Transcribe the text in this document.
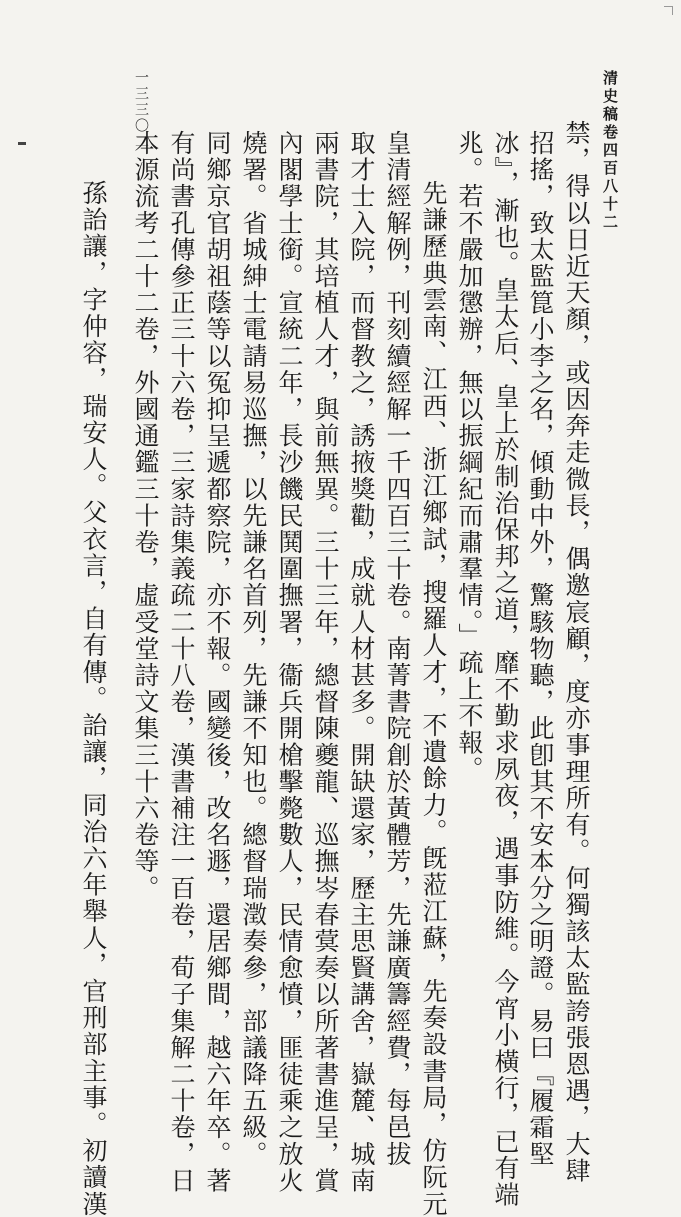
清史稿卷四百八十二
一三三〇二
禁，得以日近天顏，或因奔走微長，偶邀宸顧，度亦事理所有。何獨該太監誇張恩遇，大肆
招搖，致太監箟小李之名，傾動中外，驚駭物聽，此卽其不安本分之明證。易曰『履霜堅
冰』，漸也。皇太后、皇上於制治保邦之道，靡不勤求夙夜，遇事防維。今宵小橫行，已有端
兆。若不嚴加懲辦，無以振綱紀而肅羣情。」疏上不報。
先謙歷典雲南、江西、浙江鄉試，搜羅人才，不遺餘力。旣蒞江蘇，先奏設書局，仿阮元
皇清經解例，刊刻續經解一千四百三十卷。南菁書院創於黃體芳，先謙廣籌經費，每邑拔
取才士入院，而督教之，誘掖獎勸，成就人材甚多。開缺還家，歷主思賢講舍，嶽麓、城南
兩書院，其培植人才，與前無異。三十三年，總督陳夔龍、巡撫岑春蓂奏以所著書進呈，賞
內閣學士銜。宣統二年，長沙饑民鬨圍撫署，衞兵開槍擊斃數人，民情愈憤，匪徒乘之放火
燒署。省城紳士電請易巡撫，以先謙名首列，先謙不知也。總督瑞澂奏參，部議降五級。
同鄉京官胡祖蔭等以冤抑呈遞都察院，亦不報。國變後，改名遯，還居鄉間，越六年卒。著
有尚書孔傳參正三十六卷，三家詩集義疏二十八卷，漢書補注一百卷，荀子集解二十卷，日
本源流考二十二卷，外國通鑑三十卷，虛受堂詩文集三十六卷等。
孫詒讓，字仲容，瑞安人。父衣言，自有傳。詒讓，同治六年舉人，官刑部主事。初讀漢
